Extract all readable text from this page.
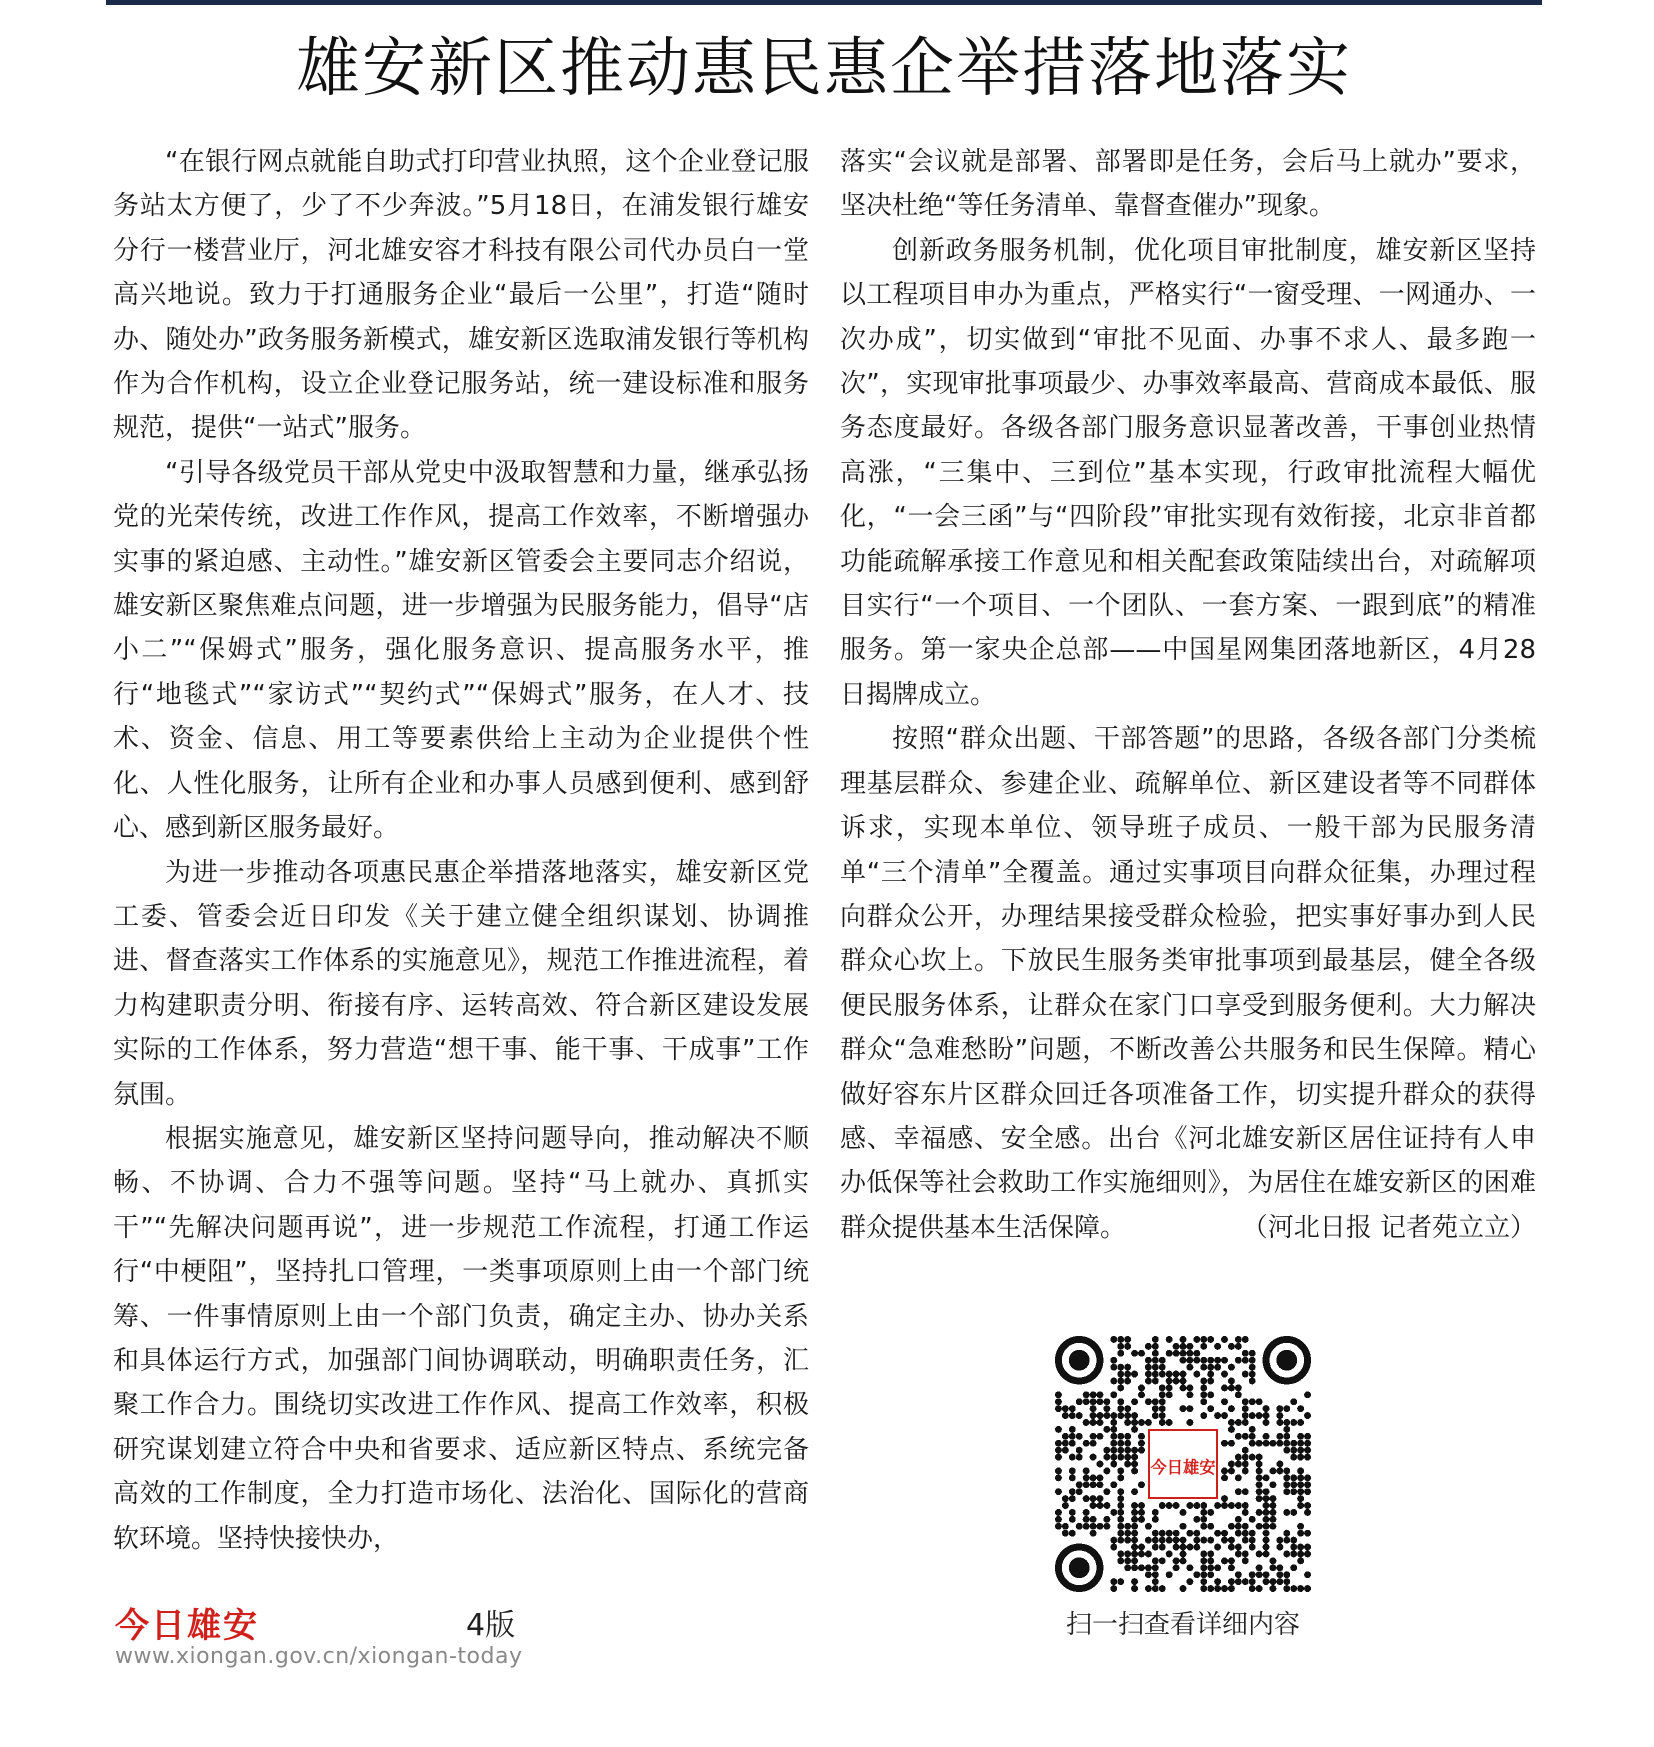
雄安新区推动惠民惠企举措落地落实

“在银行网点就能自助式打印营业执照，这个企业登记服务站太方便了，少了不少奔波。”5月18日，在浦发银行雄安分行一楼营业厅，河北雄安容才科技有限公司代办员白一堂高兴地说。致力于打通服务企业“最后一公里”，打造“随时办、随处办”政务服务新模式，雄安新区选取浦发银行等机构作为合作机构，设立企业登记服务站，统一建设标准和服务规范，提供“一站式”服务。

“引导各级党员干部从党史中汲取智慧和力量，继承弘扬党的光荣传统，改进工作作风，提高工作效率，不断增强办实事的紧迫感、主动性。”雄安新区管委会主要同志介绍说，雄安新区聚焦难点问题，进一步增强为民服务能力，倡导“店小二”“保姆式”服务，强化服务意识、提高服务水平，推行“地毯式”“家访式”“契约式”“保姆式”服务，在人才、技术、资金、信息、用工等要素供给上主动为企业提供个性化、人性化服务，让所有企业和办事人员感到便利、感到舒心、感到新区服务最好。

为进一步推动各项惠民惠企举措落地落实，雄安新区党工委、管委会近日印发《关于建立健全组织谋划、协调推进、督查落实工作体系的实施意见》，规范工作推进流程，着力构建职责分明、衔接有序、运转高效、符合新区建设发展实际的工作体系，努力营造“想干事、能干事、干成事”工作氛围。

根据实施意见，雄安新区坚持问题导向，推动解决不顺畅、不协调、合力不强等问题。坚持“马上就办、真抓实干”“先解决问题再说”，进一步规范工作流程，打通工作运行“中梗阻”，坚持扎口管理，一类事项原则上由一个部门统筹、一件事情原则上由一个部门负责，确定主办、协办关系和具体运行方式，加强部门间协调联动，明确职责任务，汇聚工作合力。围绕切实改进工作作风、提高工作效率，积极研究谋划建立符合中央和省要求、适应新区特点、系统完备高效的工作制度，全力打造市场化、法治化、国际化的营商软环境。坚持快接快办，

落实“会议就是部署、部署即是任务，会后马上就办”要求，坚决杜绝“等任务清单、靠督查催办”现象。

创新政务服务机制，优化项目审批制度，雄安新区坚持以工程项目申办为重点，严格实行“一窗受理、一网通办、一次办成”，切实做到“审批不见面、办事不求人、最多跑一次”，实现审批事项最少、办事效率最高、营商成本最低、服务态度最好。各级各部门服务意识显著改善，干事创业热情高涨，“三集中、三到位”基本实现，行政审批流程大幅优化，“一会三函”与“四阶段”审批实现有效衔接，北京非首都功能疏解承接工作意见和相关配套政策陆续出台，对疏解项目实行“一个项目、一个团队、一套方案、一跟到底”的精准服务。第一家央企总部——中国星网集团落地新区，4月28日揭牌成立。

按照“群众出题、干部答题”的思路，各级各部门分类梳理基层群众、参建企业、疏解单位、新区建设者等不同群体诉求，实现本单位、领导班子成员、一般干部为民服务清单“三个清单”全覆盖。通过实事项目向群众征集，办理过程向群众公开，办理结果接受群众检验，把实事好事办到人民群众心坎上。下放民生服务类审批事项到最基层，健全各级便民服务体系，让群众在家门口享受到服务便利。大力解决群众“急难愁盼”问题，不断改善公共服务和民生保障。精心做好容东片区群众回迁各项准备工作，切实提升群众的获得感、幸福感、安全感。出台《河北雄安新区居住证持有人申办低保等社会救助工作实施细则》，为居住在雄安新区的困难群众提供基本生活保障。	（河北日报 记者苑立立）

今日雄安
扫一扫查看详细内容
今日雄安	4版
www.xiongan.gov.cn/xiongan-today
